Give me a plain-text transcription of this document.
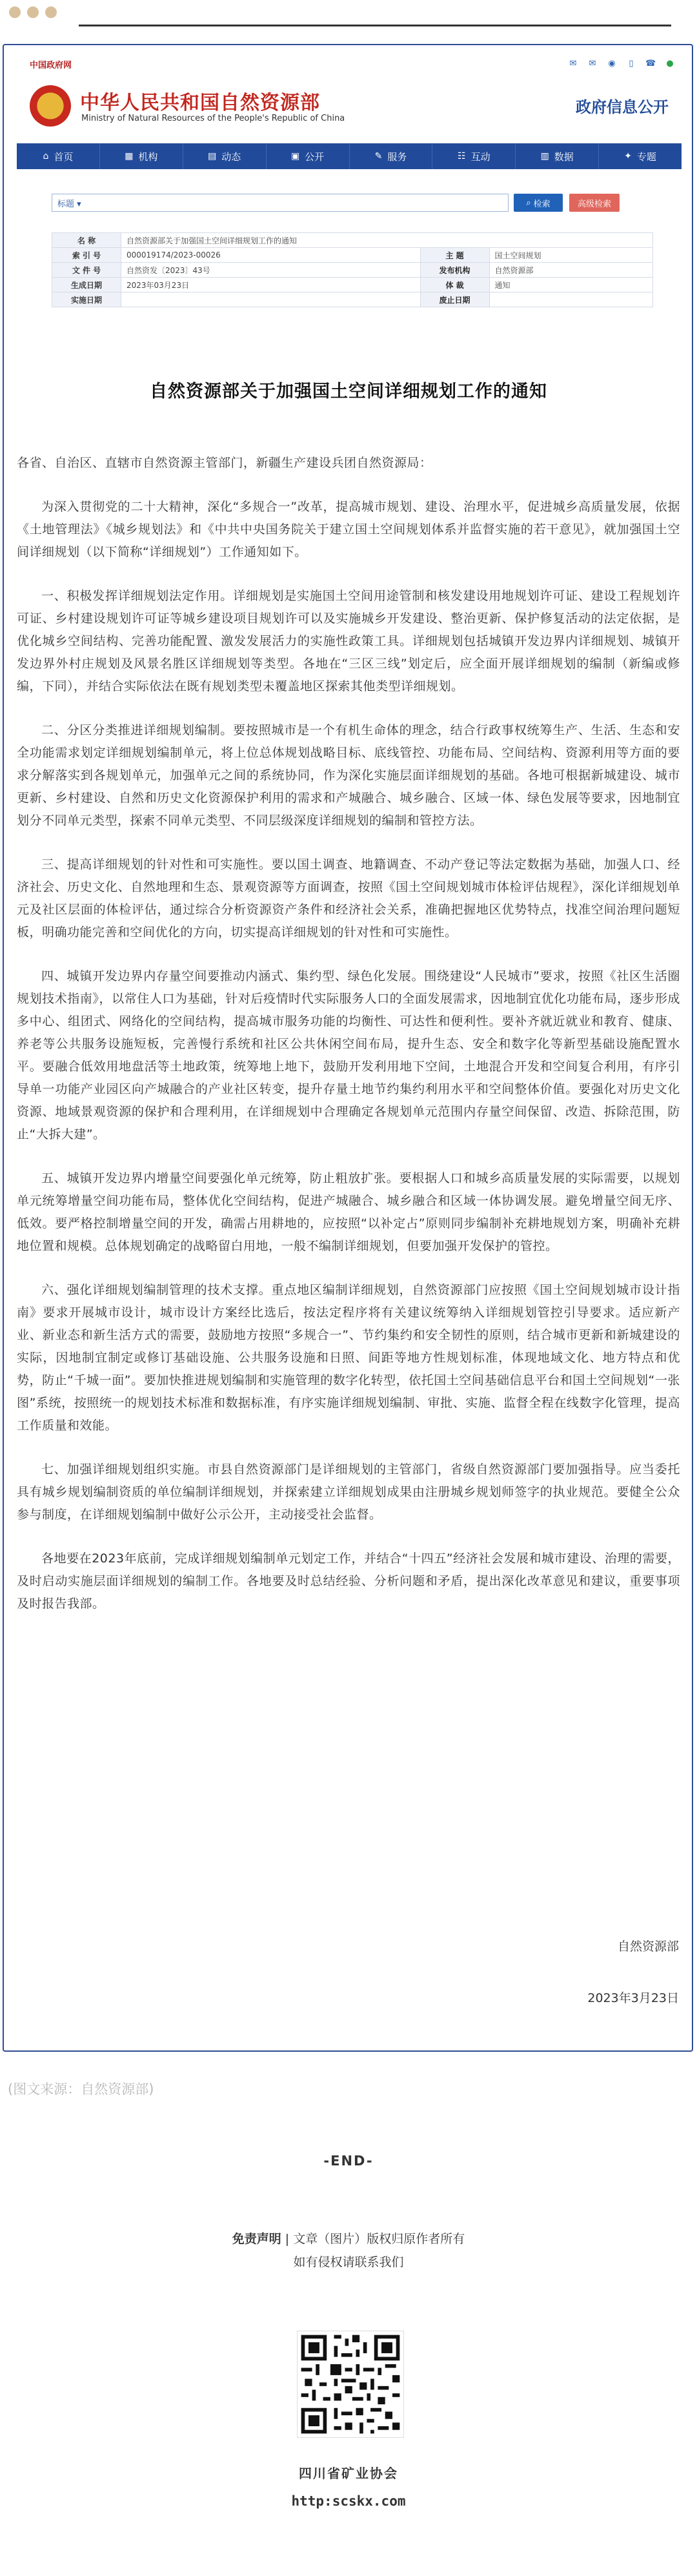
中国政府网	✉ ✉ ◉	▯	☎ ●
中华人民共和国自然资源部
Ministry of Natural Resources of the People's Republic of China
政府信息公开
⌂ 首页	▦ 机构	▤ 动态	▣ 公开	✎ 服务	☷ 互动	▥ 数据	✦ 专题
标题 ▾	⌕ 检索	高级检索
名 称	自然资源部关于加强国土空间详细规划工作的通知		
索 引 号	000019174/2023-00026	主 题	国土空间规划
文 件 号	自然资发〔2023〕43号	发布机构	自然资源部
生成日期	2023年03月23日	体 裁	通知
实施日期		废止日期	
自然资源部关于加强国土空间详细规划工作的通知

各省、自治区、直辖市自然资源主管部门，新疆生产建设兵团自然资源局：

为深入贯彻党的二十大精神，深化“多规合一”改革，提高城市规划、建设、治理水平，促进城乡高质量发展，依据《土地管理法》《城乡规划法》和《中共中央国务院关于建立国土空间规划体系并监督实施的若干意见》，就加强国土空间详细规划（以下简称“详细规划”）工作通知如下。

一、积极发挥详细规划法定作用。详细规划是实施国土空间用途管制和核发建设用地规划许可证、建设工程规划许可证、乡村建设规划许可证等城乡建设项目规划许可以及实施城乡开发建设、整治更新、保护修复活动的法定依据，是优化城乡空间结构、完善功能配置、激发发展活力的实施性政策工具。详细规划包括城镇开发边界内详细规划、城镇开发边界外村庄规划及风景名胜区详细规划等类型。各地在“三区三线”划定后，应全面开展详细规划的编制（新编或修编，下同），并结合实际依法在既有规划类型未覆盖地区探索其他类型详细规划。

二、分区分类推进详细规划编制。要按照城市是一个有机生命体的理念，结合行政事权统筹生产、生活、生态和安全功能需求划定详细规划编制单元，将上位总体规划战略目标、底线管控、功能布局、空间结构、资源利用等方面的要求分解落实到各规划单元，加强单元之间的系统协同，作为深化实施层面详细规划的基础。各地可根据新城建设、城市更新、乡村建设、自然和历史文化资源保护利用的需求和产城融合、城乡融合、区域一体、绿色发展等要求，因地制宜划分不同单元类型，探索不同单元类型、不同层级深度详细规划的编制和管控方法。

三、提高详细规划的针对性和可实施性。要以国土调查、地籍调查、不动产登记等法定数据为基础，加强人口、经济社会、历史文化、自然地理和生态、景观资源等方面调查，按照《国土空间规划城市体检评估规程》，深化详细规划单元及社区层面的体检评估，通过综合分析资源资产条件和经济社会关系，准确把握地区优势特点，找准空间治理问题短板，明确功能完善和空间优化的方向，切实提高详细规划的针对性和可实施性。

四、城镇开发边界内存量空间要推动内涵式、集约型、绿色化发展。围绕建设“人民城市”要求，按照《社区生活圈规划技术指南》，以常住人口为基础，针对后疫情时代实际服务人口的全面发展需求，因地制宜优化功能布局，逐步形成多中心、组团式、网络化的空间结构，提高城市服务功能的均衡性、可达性和便利性。要补齐就近就业和教育、健康、养老等公共服务设施短板，完善慢行系统和社区公共休闲空间布局，提升生态、安全和数字化等新型基础设施配置水平。要融合低效用地盘活等土地政策，统筹地上地下，鼓励开发利用地下空间，土地混合开发和空间复合利用，有序引导单一功能产业园区向产城融合的产业社区转变，提升存量土地节约集约利用水平和空间整体价值。要强化对历史文化资源、地域景观资源的保护和合理利用，在详细规划中合理确定各规划单元范围内存量空间保留、改造、拆除范围，防止“大拆大建”。

五、城镇开发边界内增量空间要强化单元统筹，防止粗放扩张。要根据人口和城乡高质量发展的实际需要，以规划单元统筹增量空间功能布局，整体优化空间结构，促进产城融合、城乡融合和区域一体协调发展。避免增量空间无序、低效。要严格控制增量空间的开发，确需占用耕地的，应按照“以补定占”原则同步编制补充耕地规划方案，明确补充耕地位置和规模。总体规划确定的战略留白用地，一般不编制详细规划，但要加强开发保护的管控。

六、强化详细规划编制管理的技术支撑。重点地区编制详细规划，自然资源部门应按照《国土空间规划城市设计指南》要求开展城市设计，城市设计方案经比选后，按法定程序将有关建议统筹纳入详细规划管控引导要求。适应新产业、新业态和新生活方式的需要，鼓励地方按照“多规合一”、节约集约和安全韧性的原则，结合城市更新和新城建设的实际，因地制宜制定或修订基础设施、公共服务设施和日照、间距等地方性规划标准，体现地域文化、地方特点和优势，防止“千城一面”。要加快推进规划编制和实施管理的数字化转型，依托国土空间基础信息平台和国土空间规划“一张图”系统，按照统一的规划技术标准和数据标准，有序实施详细规划编制、审批、实施、监督全程在线数字化管理，提高工作质量和效能。

七、加强详细规划组织实施。市县自然资源部门是详细规划的主管部门，省级自然资源部门要加强指导。应当委托具有城乡规划编制资质的单位编制详细规划，并探索建立详细规划成果由注册城乡规划师签字的执业规范。要健全公众参与制度，在详细规划编制中做好公示公开，主动接受社会监督。

各地要在2023年底前，完成详细规划编制单元划定工作，并结合“十四五”经济社会发展和城市建设、治理的需要，及时启动实施层面详细规划的编制工作。各地要及时总结经验、分析问题和矛盾，提出深化改革意见和建议，重要事项及时报告我部。

自然资源部
2023年3月23日
(图文来源：自然资源部)
-END-
免责声明 | 文章（图片）版权归原作者所有
如有侵权请联系我们
四川省矿业协会
http:scskx.com
